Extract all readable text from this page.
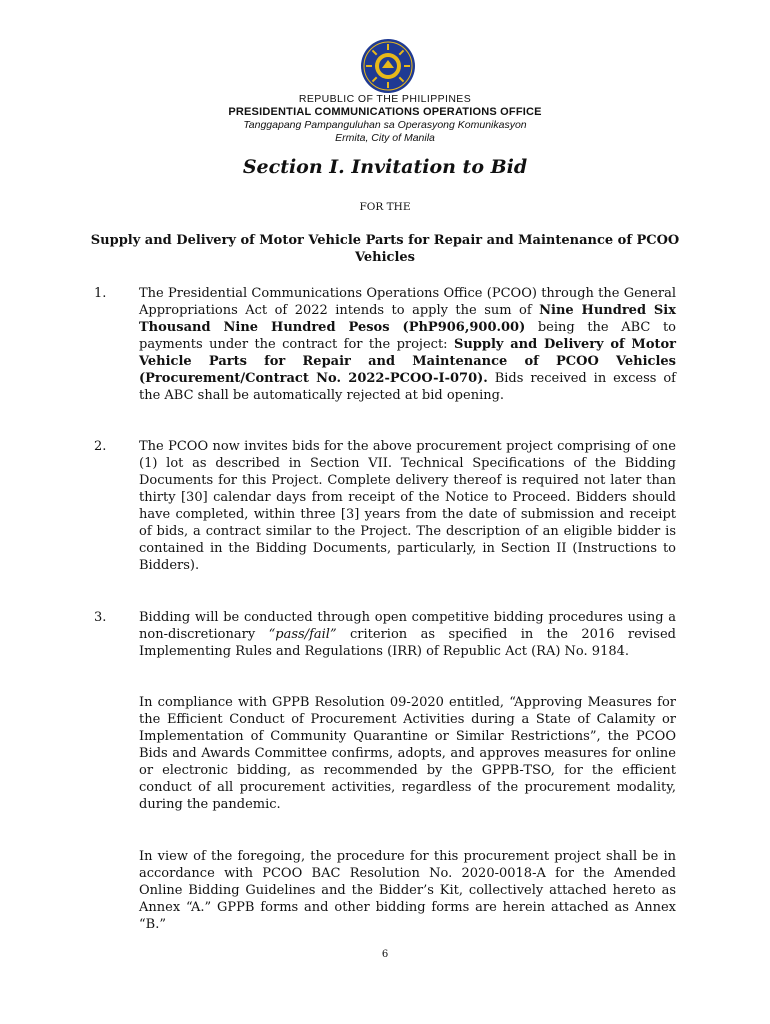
REPUBLIC OF THE PHILIPPINES
PRESIDENTIAL COMMUNICATIONS OPERATIONS OFFICE
Tanggapang Pampanguluhan sa Operasyong Komunikasyon
Ermita, City of Manila
Section I. Invitation to Bid
FOR THE
Supply and Delivery of Motor Vehicle Parts for Repair and Maintenance of PCOO Vehicles
1.	The Presidential Communications Operations Office (PCOO) through the General Appropriations Act of 2022 intends to apply the sum of Nine Hundred Six Thousand Nine Hundred Pesos (PhP906,900.00) being the ABC to payments under the contract for the project: Supply and Delivery of Motor Vehicle Parts for Repair and Maintenance of PCOO Vehicles (Procurement/Contract No. 2022-PCOO-I-070). Bids received in excess of the ABC shall be automatically rejected at bid opening.
2.	The PCOO now invites bids for the above procurement project comprising of one (1) lot as described in Section VII. Technical Specifications of the Bidding Documents for this Project. Complete delivery thereof is required not later than thirty [30] calendar days from receipt of the Notice to Proceed. Bidders should have completed, within three [3] years from the date of submission and receipt of bids, a contract similar to the Project. The description of an eligible bidder is contained in the Bidding Documents, particularly, in Section II (Instructions to Bidders).
3.	Bidding will be conducted through open competitive bidding procedures using a non-discretionary “pass/fail” criterion as specified in the 2016 revised Implementing Rules and Regulations (IRR) of Republic Act (RA) No. 9184.
In compliance with GPPB Resolution 09-2020 entitled, “Approving Measures for the Efficient Conduct of Procurement Activities during a State of Calamity or Implementation of Community Quarantine or Similar Restrictions”, the PCOO Bids and Awards Committee confirms, adopts, and approves measures for online or electronic bidding, as recommended by the GPPB-TSO, for the efficient conduct of all procurement activities, regardless of the procurement modality, during the pandemic.
In view of the foregoing, the procedure for this procurement project shall be in accordance with PCOO BAC Resolution No. 2020-0018-A for the Amended Online Bidding Guidelines and the Bidder’s Kit, collectively attached hereto as Annex “A.” GPPB forms and other bidding forms are herein attached as Annex “B.”
6
